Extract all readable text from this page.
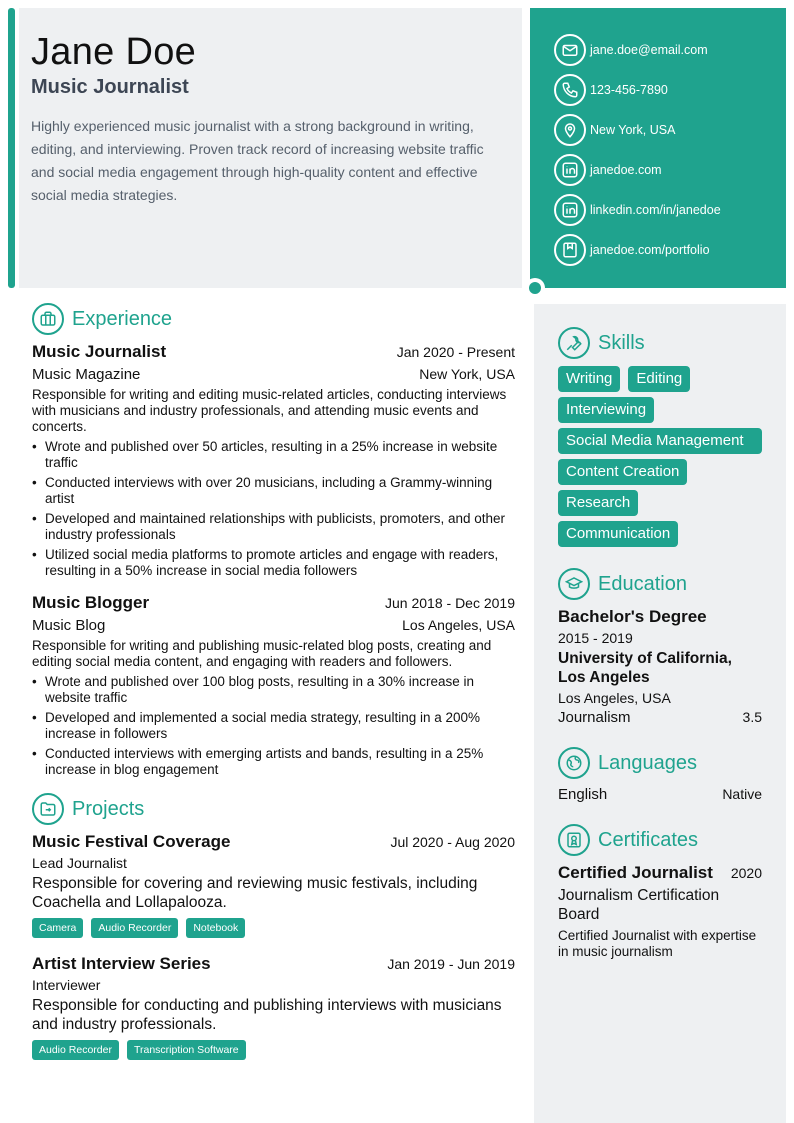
Jane Doe
Music Journalist
Highly experienced music journalist with a strong background in writing, editing, and interviewing. Proven track record of increasing website traffic and social media engagement through high-quality content and effective social media strategies.
jane.doe@email.com
123-456-7890
New York, USA
janedoe.com
linkedin.com/in/janedoe
janedoe.com/portfolio
Experience
Music Journalist	Jan 2020 - Present
Music Magazine	New York, USA
Responsible for writing and editing music-related articles, conducting interviews with musicians and industry professionals, and attending music events and concerts.
• Wrote and published over 50 articles, resulting in a 25% increase in website traffic
• Conducted interviews with over 20 musicians, including a Grammy-winning artist
• Developed and maintained relationships with publicists, promoters, and other industry professionals
• Utilized social media platforms to promote articles and engage with readers, resulting in a 50% increase in social media followers
Music Blogger	Jun 2018 - Dec 2019
Music Blog	Los Angeles, USA
Responsible for writing and publishing music-related blog posts, creating and editing social media content, and engaging with readers and followers.
• Wrote and published over 100 blog posts, resulting in a 30% increase in website traffic
• Developed and implemented a social media strategy, resulting in a 200% increase in followers
• Conducted interviews with emerging artists and bands, resulting in a 25% increase in blog engagement
Projects
Music Festival Coverage	Jul 2020 - Aug 2020
Lead Journalist
Responsible for covering and reviewing music festivals, including Coachella and Lollapalooza.
Camera	Audio Recorder	Notebook
Artist Interview Series	Jan 2019 - Jun 2019
Interviewer
Responsible for conducting and publishing interviews with musicians and industry professionals.
Audio Recorder	Transcription Software
Skills
Writing	Editing
Interviewing
Social Media Management
Content Creation
Research
Communication
Education
Bachelor's Degree
2015 - 2019
University of California, Los Angeles
Los Angeles, USA
Journalism	3.5
Languages
English	Native
Certificates
Certified Journalist 2020
Journalism Certification Board
Certified Journalist with expertise in music journalism
